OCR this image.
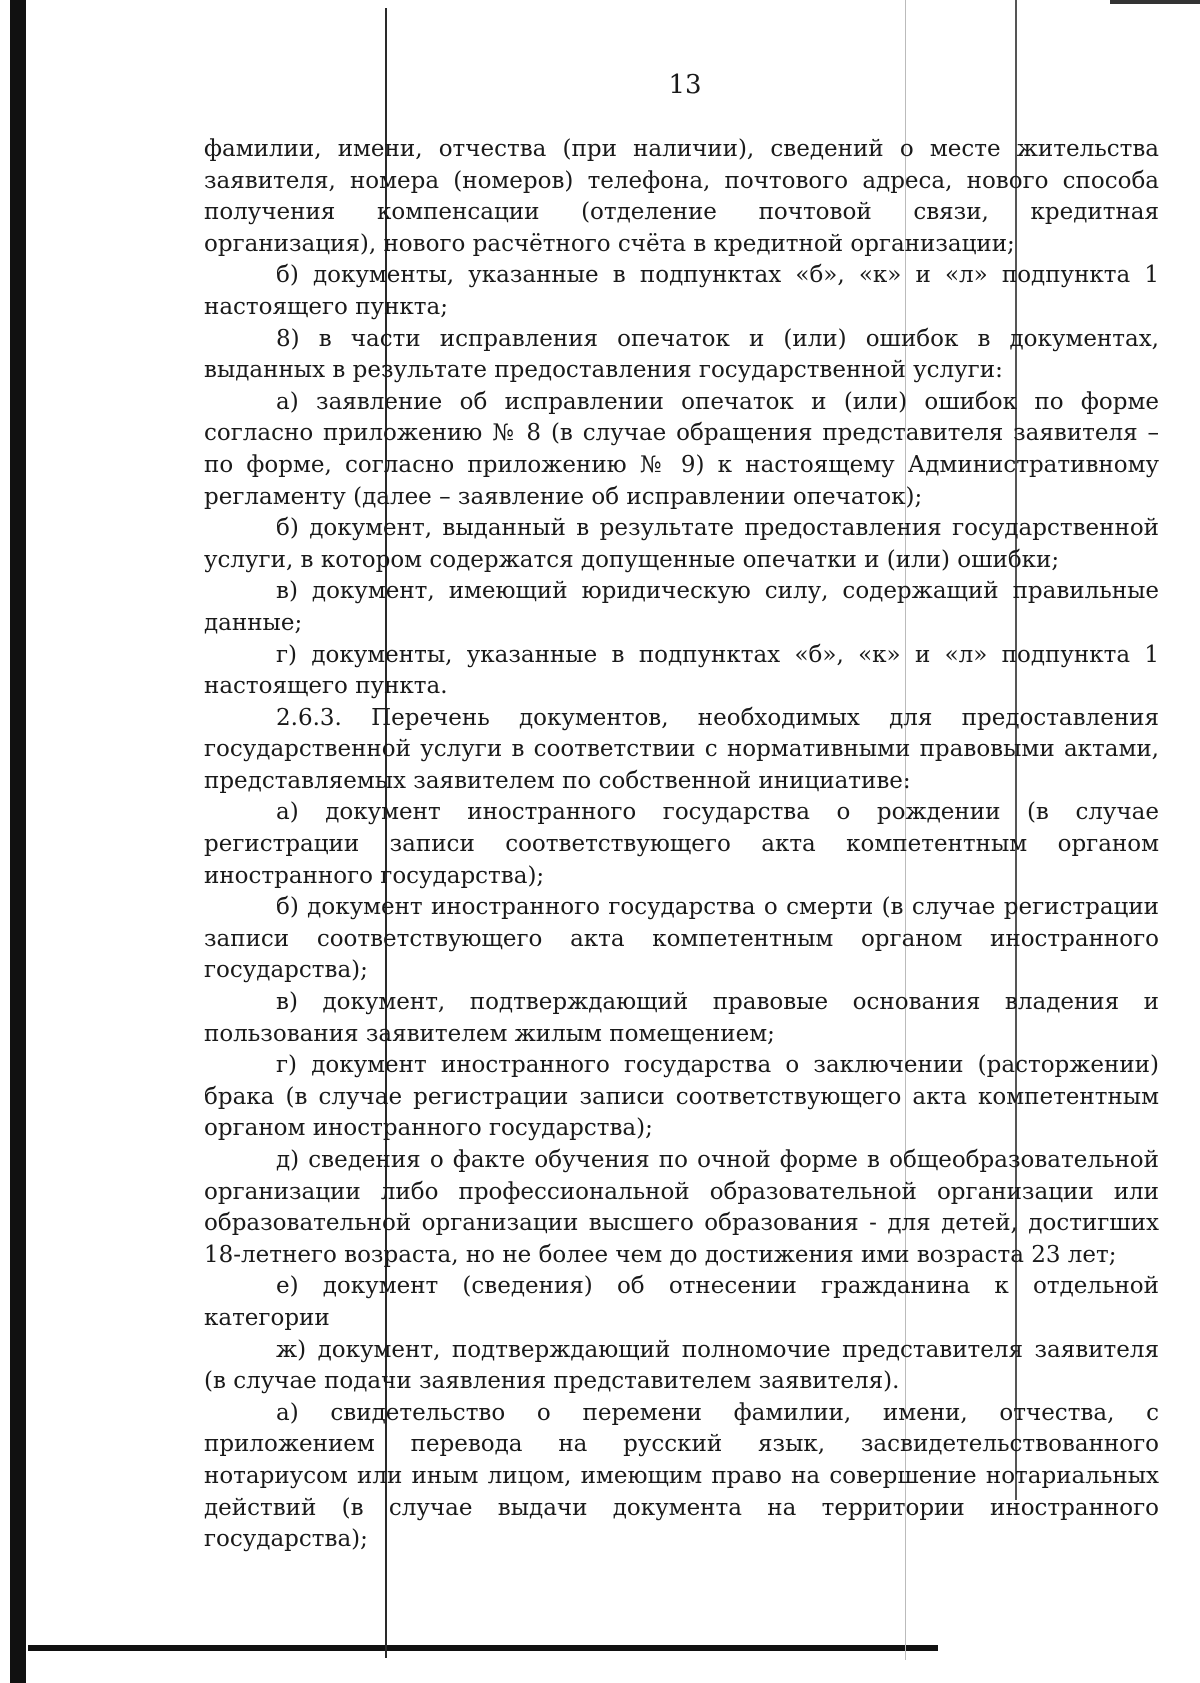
13

фамилии, имени, отчества (при наличии), сведений о месте жительства заявителя, номера (номеров) телефона, почтового адреса, нового способа получения компенсации (отделение почтовой связи, кредитная организация), нового расчётного счёта в кредитной организации;

б) документы, указанные в подпунктах «б», «к» и «л» подпункта 1 настоящего пункта;

8) в части исправления опечаток и (или) ошибок в документах, выданных в результате предоставления государственной услуги:

а) заявление об исправлении опечаток и (или) ошибок по форме согласно приложению № 8 (в случае обращения представителя заявителя – по форме, согласно приложению № 9) к настоящему Административному регламенту (далее – заявление об исправлении опечаток);

б) документ, выданный в результате предоставления государственной услуги, в котором содержатся допущенные опечатки и (или) ошибки;

в) документ, имеющий юридическую силу, содержащий правильные данные;

г) документы, указанные в подпунктах «б», «к» и «л» подпункта 1 настоящего пункта.

2.6.3. Перечень документов, необходимых для предоставления государственной услуги в соответствии с нормативными правовыми актами, представляемых заявителем по собственной инициативе:

а) документ иностранного государства о рождении (в случае регистрации записи соответствующего акта компетентным органом иностранного государства);

б) документ иностранного государства о смерти (в случае регистрации записи соответствующего акта компетентным органом иностранного государства);

в) документ, подтверждающий правовые основания владения и пользования заявителем жилым помещением;

г) документ иностранного государства о заключении (расторжении) брака (в случае регистрации записи соответствующего акта компетентным органом иностранного государства);

д) сведения о факте обучения по очной форме в общеобразовательной организации либо профессиональной образовательной организации или образовательной организации высшего образования - для детей, достигших 18-летнего возраста, но не более чем до достижения ими возраста 23 лет;

е) документ (сведения) об отнесении гражданина к отдельной категории

ж) документ, подтверждающий полномочие представителя заявителя (в случае подачи заявления представителем заявителя).

а) свидетельство о перемени фамилии, имени, отчества, с приложением перевода на русский язык, засвидетельствованного нотариусом или иным лицом, имеющим право на совершение нотариальных действий (в случае выдачи документа на территории иностранного государства);
